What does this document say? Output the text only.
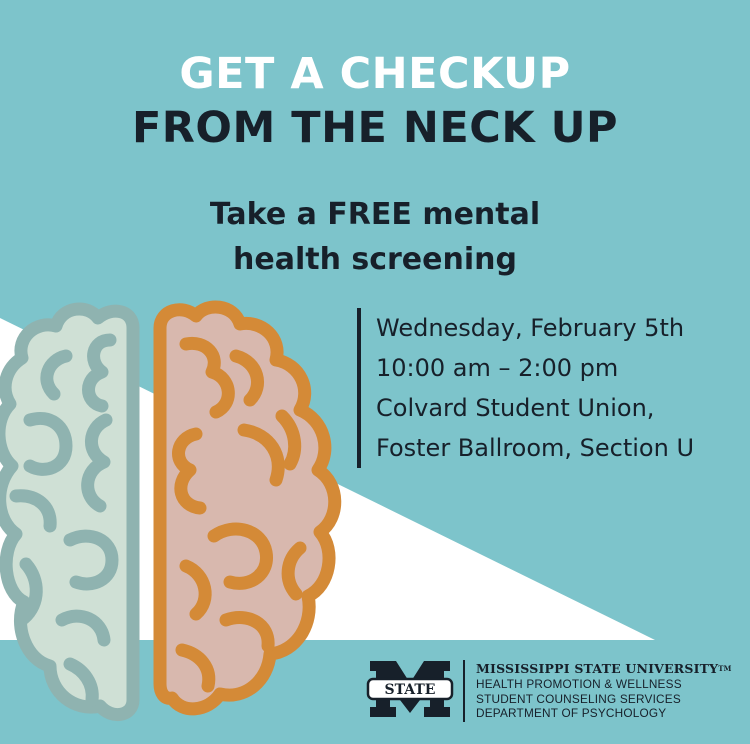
GET A CHECKUP
FROM THE NECK UP
Take a FREE mental
health screening
Wednesday, February 5th
10:00 am – 2:00 pm
Colvard Student Union,
Foster Ballroom, Section U
STATE
MISSISSIPPI STATE UNIVERSITY™
HEALTH PROMOTION & WELLNESS
STUDENT COUNSELING SERVICES
DEPARTMENT OF PSYCHOLOGY
